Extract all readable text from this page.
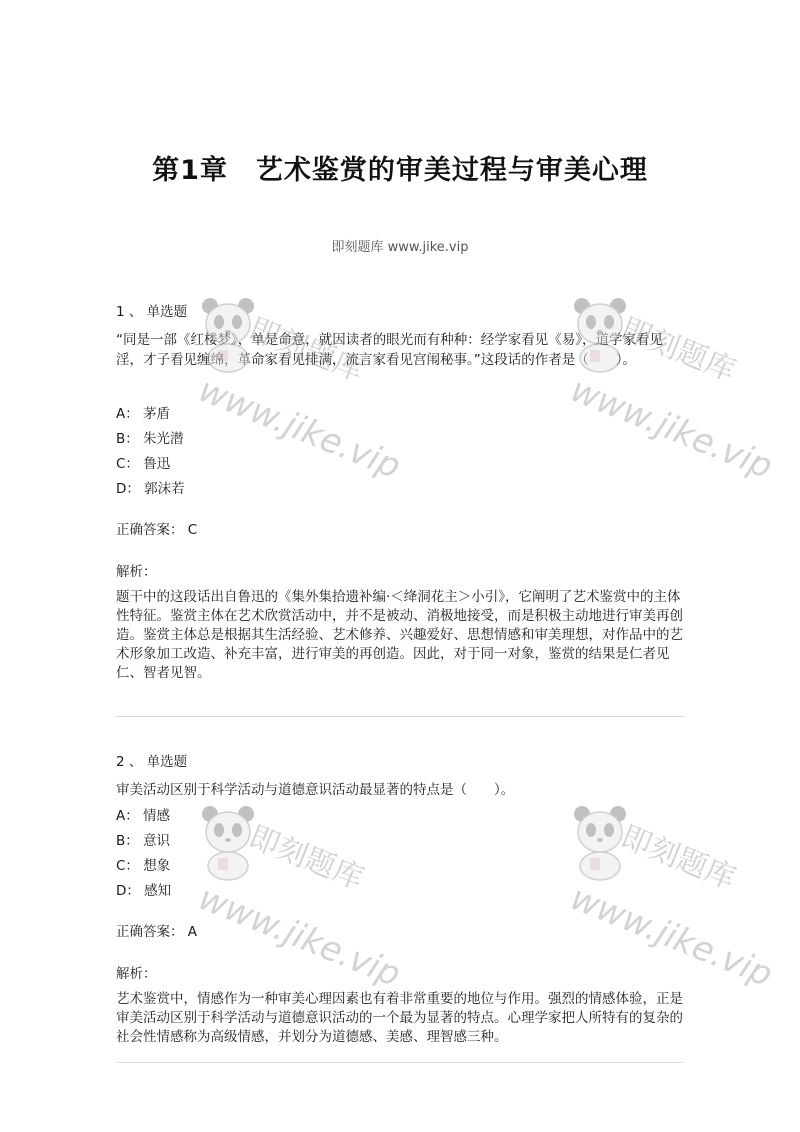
第1章　艺术鉴赏的审美过程与审美心理
即刻题库 www.jike.vip

1 、 单选题

“同是一部《红楼梦》，单是命意，就因读者的眼光而有种种：经学家看见《易》，道学家看见淫，才子看见缠绵，革命家看见排满，流言家看见宫闱秘事。”这段话的作者是（　　）。

A： 茅盾

B： 朱光潜

C： 鲁迅

D： 郭沫若

正确答案： C

解析：

题干中的这段话出自鲁迅的《集外集拾遗补编·＜绛洞花主＞小引》，它阐明了艺术鉴赏中的主体性特征。鉴赏主体在艺术欣赏活动中，并不是被动、消极地接受，而是积极主动地进行审美再创造。鉴赏主体总是根据其生活经验、艺术修养、兴趣爱好、思想情感和审美理想，对作品中的艺术形象加工改造、补充丰富，进行审美的再创造。因此，对于同一对象，鉴赏的结果是仁者见仁、智者见智。

2 、 单选题

审美活动区别于科学活动与道德意识活动最显著的特点是（　　）。

A： 情感

B： 意识

C： 想象

D： 感知

正确答案： A

解析：

艺术鉴赏中，情感作为一种审美心理因素也有着非常重要的地位与作用。强烈的情感体验，正是审美活动区别于科学活动与道德意识活动的一个最为显著的特点。心理学家把人所特有的复杂的社会性情感称为高级情感，并划分为道德感、美感、理智感三种。

即刻题库
www.jike.vip
即刻题库
www.jike.vip
即刻题库
www.jike.vip
即刻题库
www.jike.vip
